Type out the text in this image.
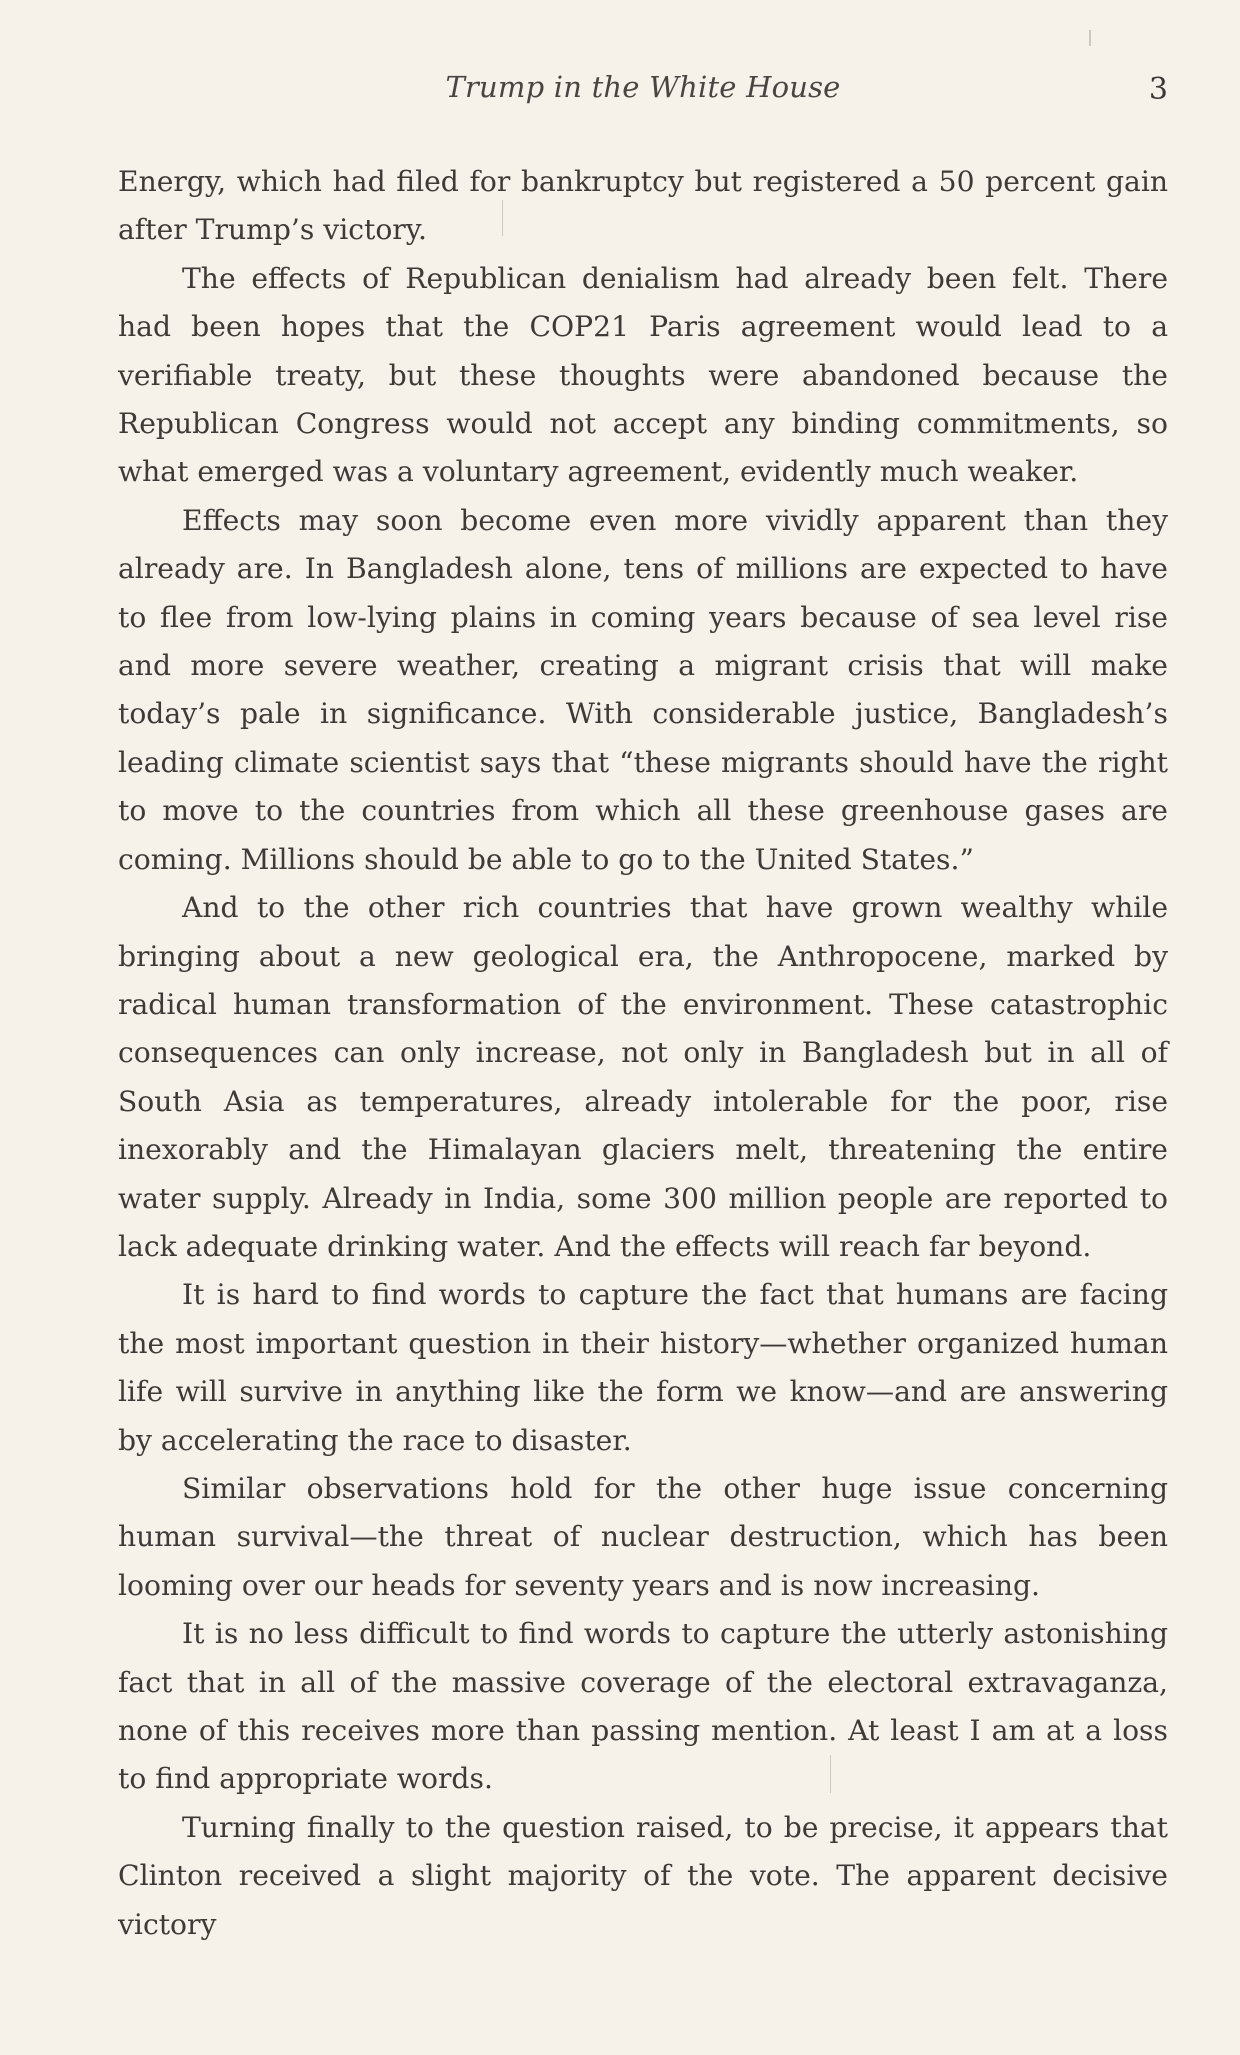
Trump in the White House	3

Energy, which had filed for bankruptcy but registered a 50 percent gain after Trump’s victory.

The effects of Republican denialism had already been felt. There had been hopes that the COP21 Paris agreement would lead to a verifiable treaty, but these thoughts were abandoned because the Republican Congress would not accept any binding commitments, so what emerged was a voluntary agreement, evidently much weaker.

Effects may soon become even more vividly apparent than they already are. In Bangladesh alone, tens of millions are expected to have to flee from low-lying plains in coming years because of sea level rise and more severe weather, creating a migrant crisis that will make today’s pale in significance. With considerable justice, Bangladesh’s leading climate scientist says that “these migrants should have the right to move to the countries from which all these greenhouse gases are coming. Millions should be able to go to the United States.”

And to the other rich countries that have grown wealthy while bringing about a new geological era, the Anthropocene, marked by radical human transformation of the environment. These catastrophic consequences can only increase, not only in Bangladesh but in all of South Asia as temperatures, already intolerable for the poor, rise inexorably and the Himalayan glaciers melt, threatening the entire water supply. Already in India, some 300 million people are reported to lack adequate drinking water. And the effects will reach far beyond.

It is hard to find words to capture the fact that humans are facing the most important question in their history—whether organized human life will survive in anything like the form we know—and are answering by accelerating the race to disaster.

Similar observations hold for the other huge issue concerning human survival—the threat of nuclear destruction, which has been looming over our heads for seventy years and is now increasing.

It is no less difficult to find words to capture the utterly astonishing fact that in all of the massive coverage of the electoral extravaganza, none of this receives more than passing mention. At least I am at a loss to find appropriate words.

Turning finally to the question raised, to be precise, it appears that Clinton received a slight majority of the vote. The apparent decisive victory
